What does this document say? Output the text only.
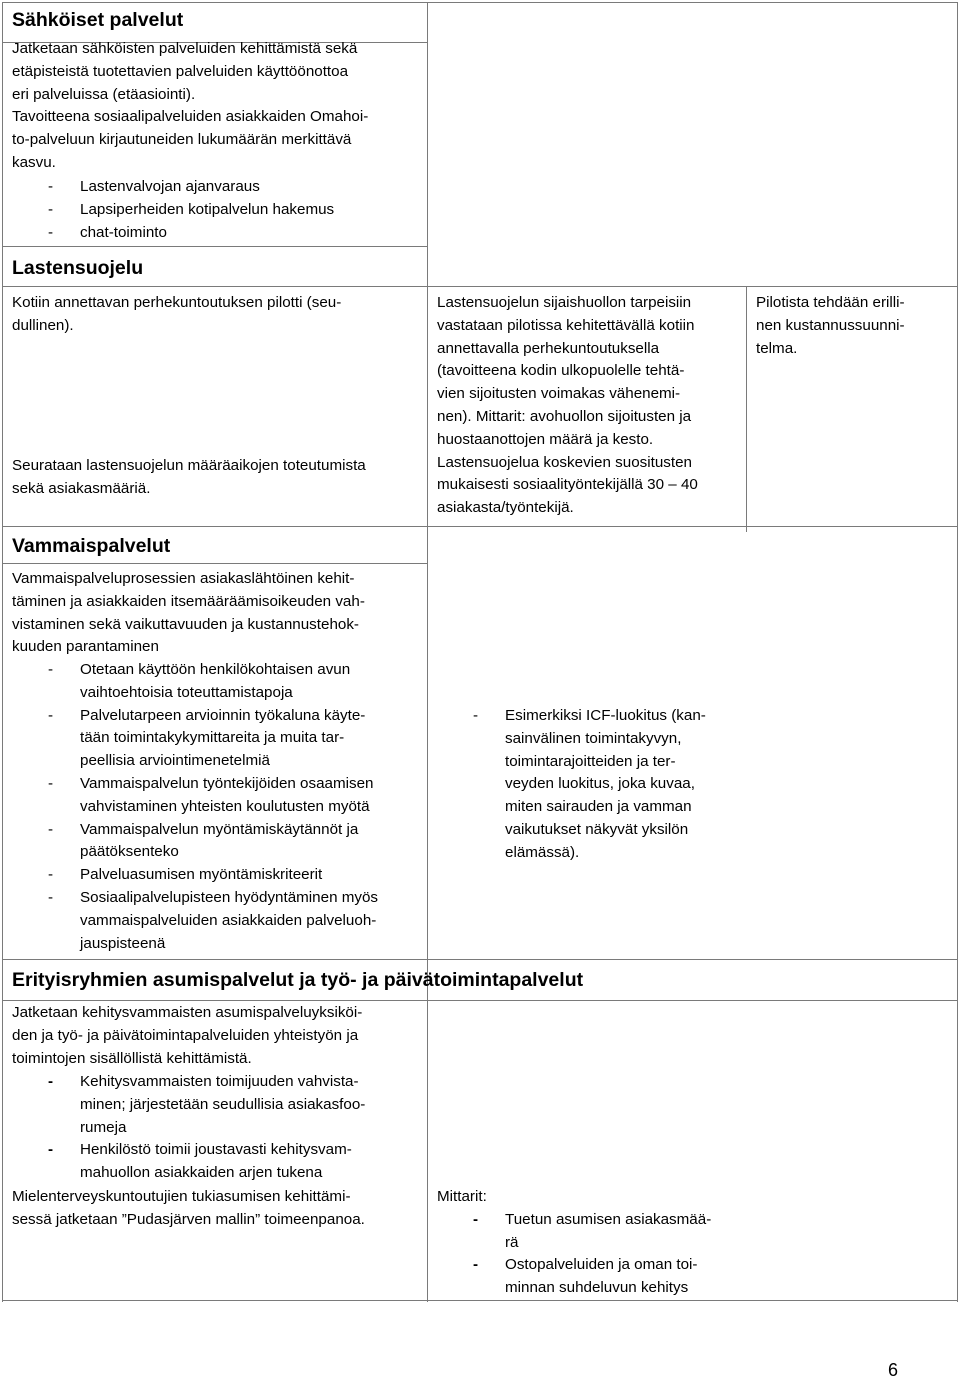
Sähköiset palvelut

Jatketaan sähköisten palveluiden kehittämistä sekä

etäpisteistä tuotettavien palveluiden käyttöönottoa

eri palveluissa (etäasiointi).

Tavoitteena sosiaalipalveluiden asiakkaiden Omahoi-

to-palveluun kirjautuneiden lukumäärän merkittävä

kasvu.

- Lastenvalvojan ajanvaraus
- Lapsiperheiden kotipalvelun hakemus
- chat-toiminto
Lastensuojelu

Kotiin annettavan perhekuntoutuksen pilotti (seu-

dullinen).

Seurataan lastensuojelun määräaikojen toteutumista

sekä asiakasmääriä.

Lastensuojelun sijaishuollon tarpeisiin

vastataan pilotissa kehitettävällä kotiin

annettavalla perhekuntoutuksella

(tavoitteena kodin ulkopuolelle tehtä-

vien sijoitusten voimakas vähenemi-

nen). Mittarit: avohuollon sijoitusten ja

huostaanottojen määrä ja kesto.

Lastensuojelua koskevien suositusten

mukaisesti sosiaalityöntekijällä 30 – 40

asiakasta/työntekijä.

Pilotista tehdään erilli-

nen kustannussuunni-

telma.

Vammaispalvelut

Vammaispalveluprosessien asiakaslähtöinen kehit-

täminen ja asiakkaiden itsemääräämisoikeuden vah-

vistaminen sekä vaikuttavuuden ja kustannustehok-

kuuden parantaminen

- Otetaan käyttöön henkilökohtaisen avun

vaihtoehtoisia toteuttamistapoja

- Palvelutarpeen arvioinnin työkaluna käyte-

tään toimintakykymittareita ja muita tar-

peellisia arviointimenetelmiä

- Vammaispalvelun työntekijöiden osaamisen

vahvistaminen yhteisten koulutusten myötä

- Vammaispalvelun myöntämiskäytännöt ja

päätöksenteko

- Palveluasumisen myöntämiskriteerit

- Sosiaalipalvelupisteen hyödyntäminen myös

vammaispalveluiden asiakkaiden palveluoh-

jauspisteenä

- Esimerkiksi ICF-luokitus (kan-

sainvälinen toimintakyvyn,

toimintarajoitteiden ja ter-

veyden luokitus, joka kuvaa,

miten sairauden ja vamman

vaikutukset näkyvät yksilön

elämässä).

Erityisryhmien asumispalvelut ja työ- ja päivätoimintapalvelut

Jatketaan kehitysvammaisten asumispalveluyksiköi-

den ja työ- ja päivätoimintapalveluiden yhteistyön ja

toimintojen sisällöllistä kehittämistä.

- Kehitysvammaisten toimijuuden vahvista-

minen; järjestetään seudullisia asiakasfoo-

rumeja

- Henkilöstö toimii joustavasti kehitysvam-

mahuollon asiakkaiden arjen tukena

Mielenterveyskuntoutujien tukiasumisen kehittämi-

sessä jatketaan ”Pudasjärven mallin” toimeenpanoa.

Mittarit:

- Tuetun asumisen asiakasmää-

rä

- Ostopalveluiden ja oman toi-

minnan suhdeluvun kehitys

6
